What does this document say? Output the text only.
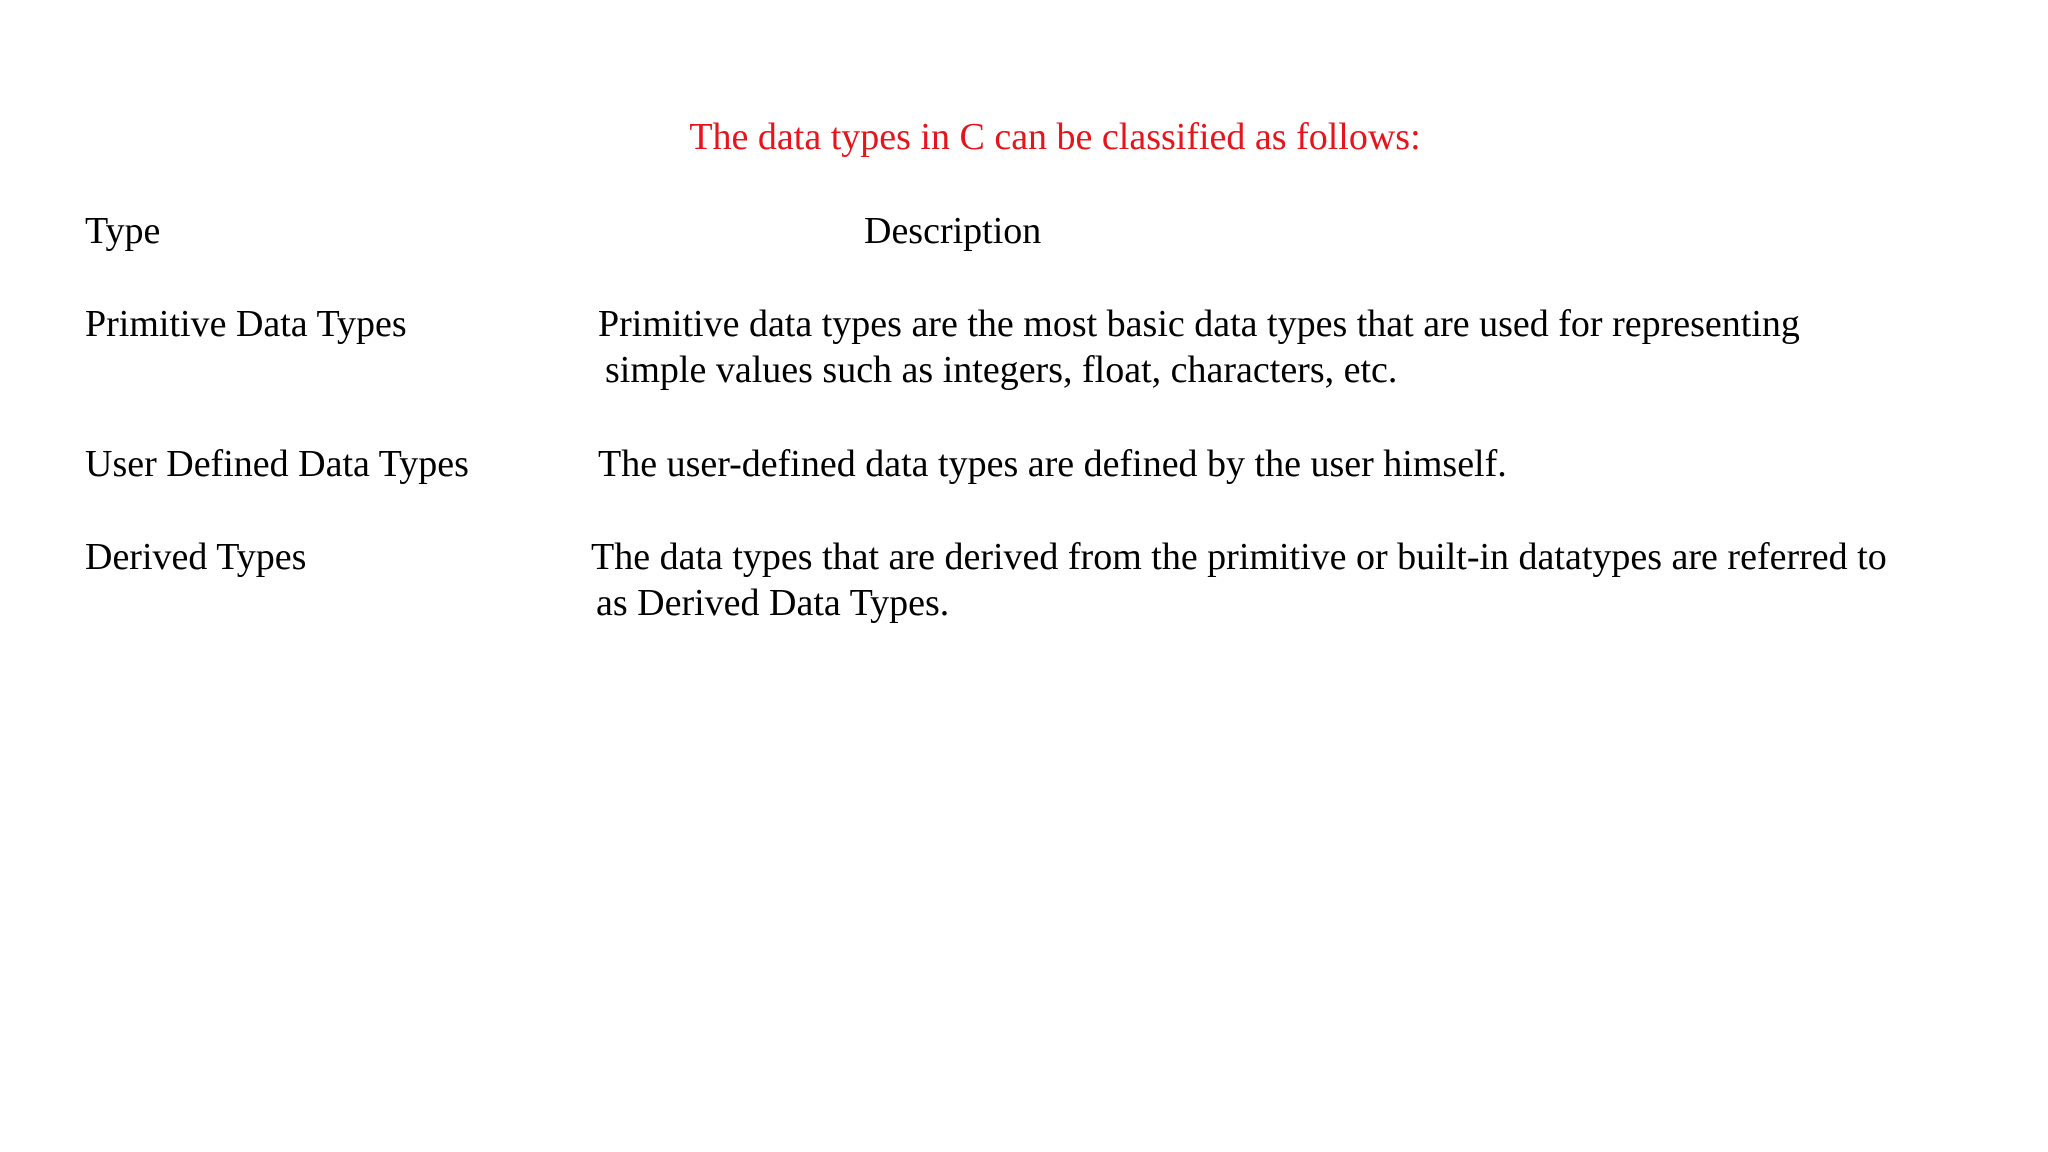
The data types in C can be classified as follows:
Type	Description
Primitive Data Types	Primitive data types are the most basic data types that are used for representing
simple values such as integers, float, characters, etc.
User Defined Data Types	The user-defined data types are defined by the user himself.
Derived Types	The data types that are derived from the primitive or built-in datatypes are referred to
as Derived Data Types.
